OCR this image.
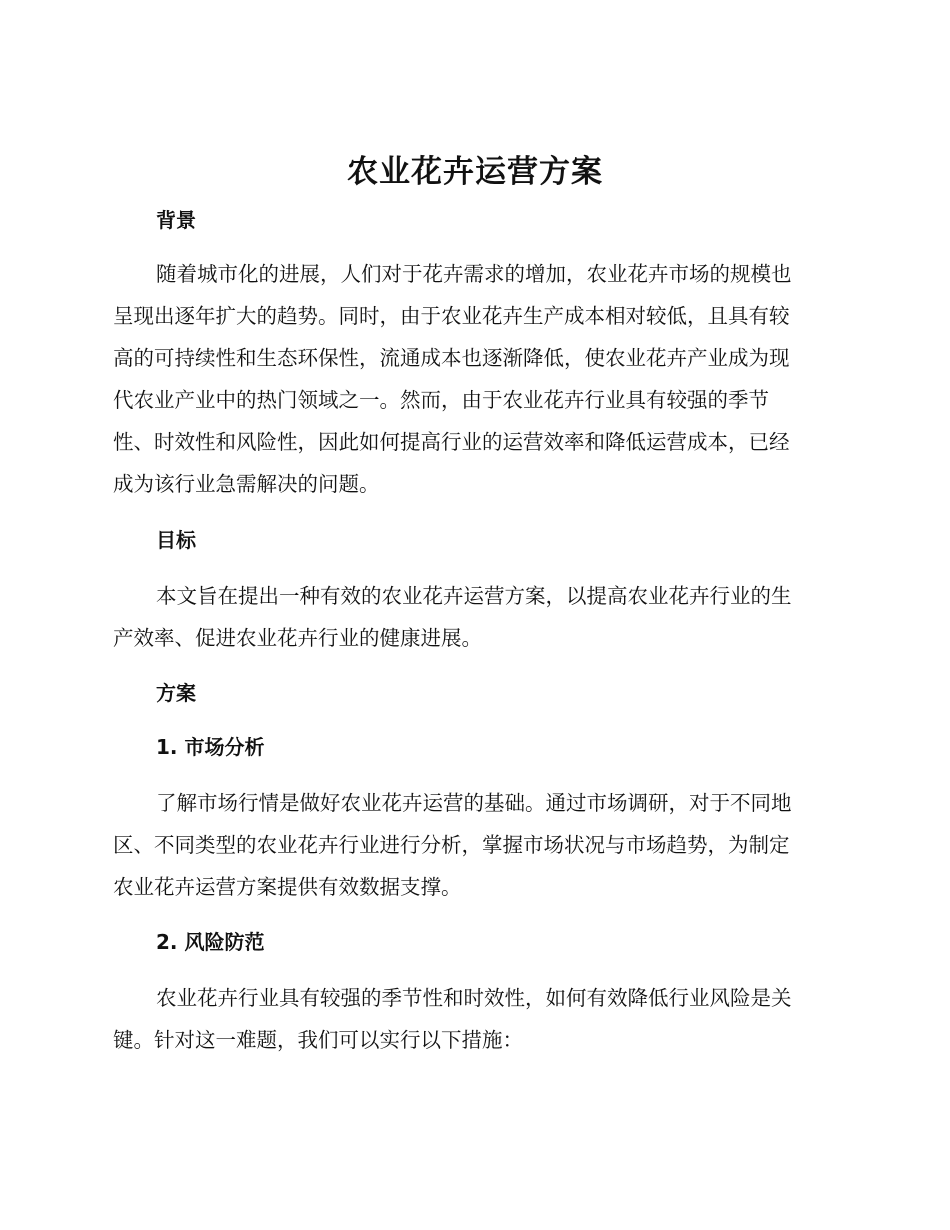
农业花卉运营方案
背景
随着城市化的进展，人们对于花卉需求的增加，农业花卉市场的规模也
呈现出逐年扩大的趋势。同时，由于农业花卉生产成本相对较低，且具有较
高的可持续性和生态环保性，流通成本也逐渐降低，使农业花卉产业成为现
代农业产业中的热门领域之一。然而，由于农业花卉行业具有较强的季节
性、时效性和风险性，因此如何提高行业的运营效率和降低运营成本，已经
成为该行业急需解决的问题。
目标
本文旨在提出一种有效的农业花卉运营方案，以提高农业花卉行业的生
产效率、促进农业花卉行业的健康进展。
方案
1. 市场分析
了解市场行情是做好农业花卉运营的基础。通过市场调研，对于不同地
区、不同类型的农业花卉行业进行分析，掌握市场状况与市场趋势，为制定
农业花卉运营方案提供有效数据支撑。
2. 风险防范
农业花卉行业具有较强的季节性和时效性，如何有效降低行业风险是关
键。针对这一难题，我们可以实行以下措施：
